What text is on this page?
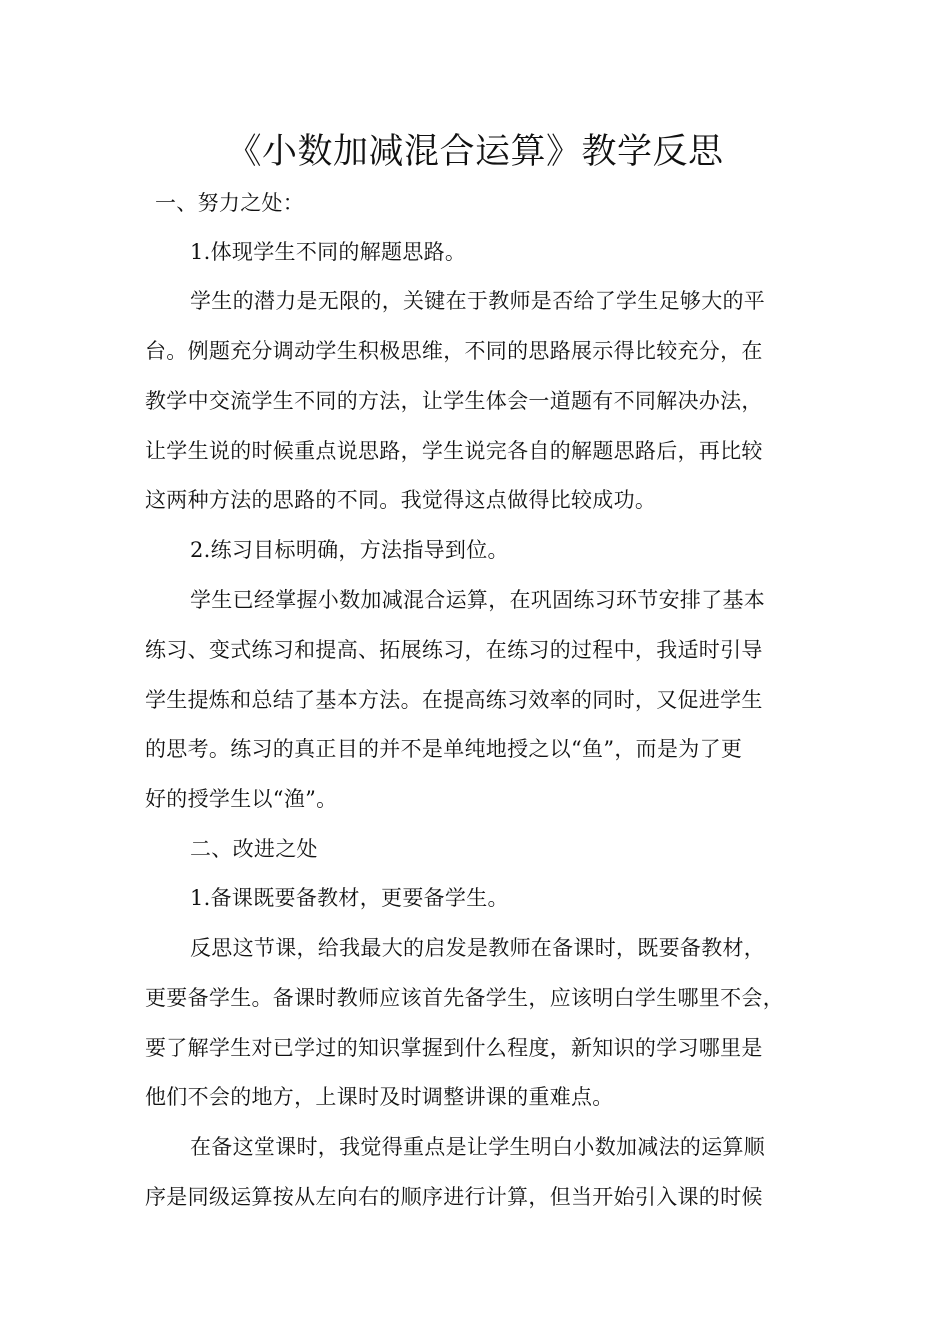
《小数加减混合运算》教学反思
一、努力之处：
1.体现学生不同的解题思路。
学生的潜力是无限的，关键在于教师是否给了学生足够大的平
台。例题充分调动学生积极思维，不同的思路展示得比较充分，在
教学中交流学生不同的方法，让学生体会一道题有不同解决办法，
让学生说的时候重点说思路，学生说完各自的解题思路后，再比较
这两种方法的思路的不同。我觉得这点做得比较成功。
2.练习目标明确，方法指导到位。
学生已经掌握小数加减混合运算，在巩固练习环节安排了基本
练习、变式练习和提高、拓展练习，在练习的过程中，我适时引导
学生提炼和总结了基本方法。在提高练习效率的同时，又促进学生
的思考。练习的真正目的并不是单纯地授之以“鱼”，而是为了更
好的授学生以“渔”。
二、改进之处
1.备课既要备教材，更要备学生。
反思这节课，给我最大的启发是教师在备课时，既要备教材，
更要备学生。备课时教师应该首先备学生，应该明白学生哪里不会，
要了解学生对已学过的知识掌握到什么程度，新知识的学习哪里是
他们不会的地方，上课时及时调整讲课的重难点。
在备这堂课时，我觉得重点是让学生明白小数加减法的运算顺
序是同级运算按从左向右的顺序进行计算，但当开始引入课的时候
